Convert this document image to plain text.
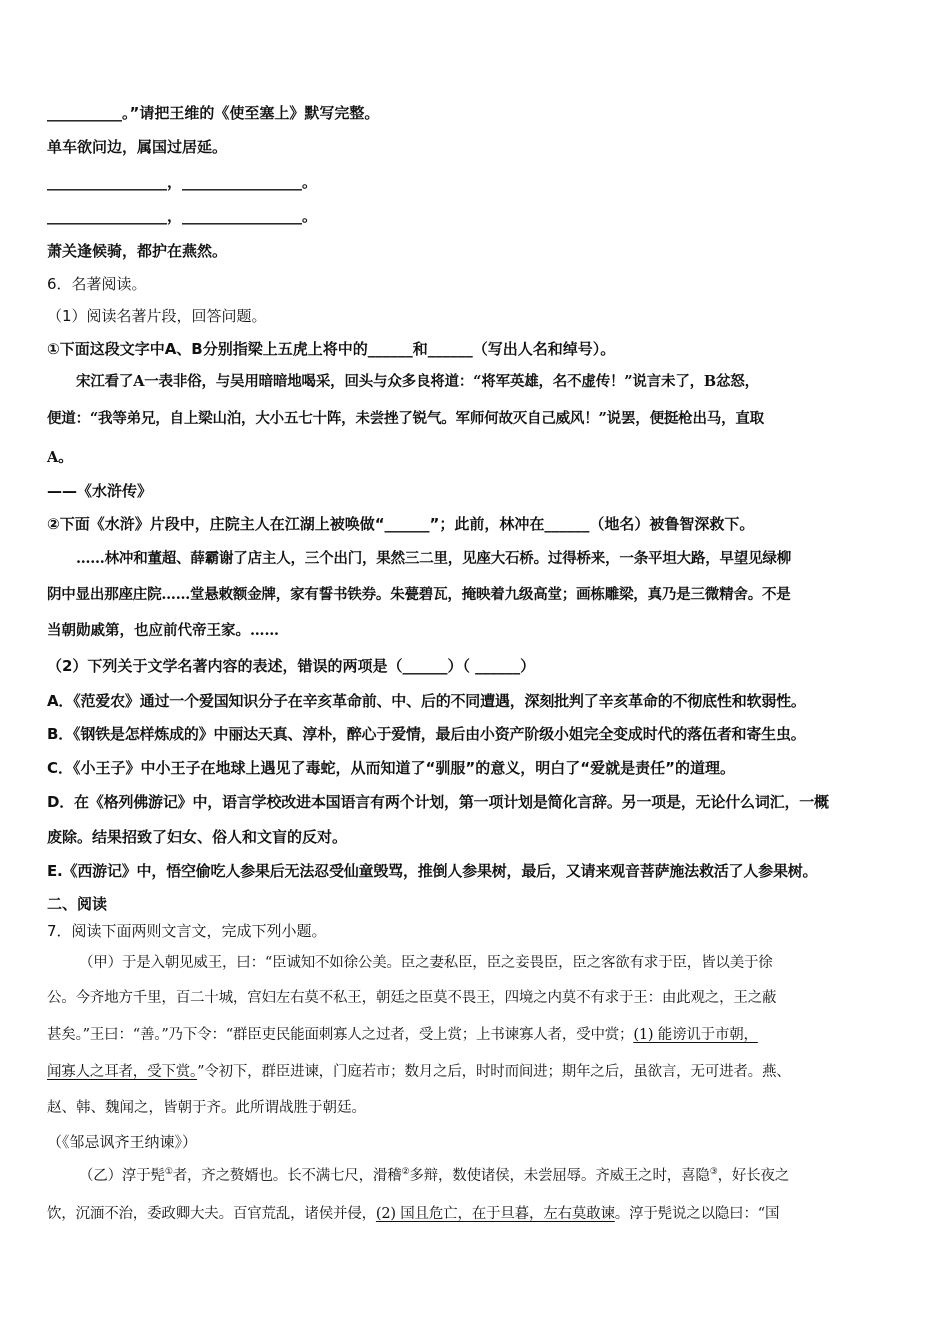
__________。”请把王维的《使至塞上》默写完整。
单车欲问边，属国过居延。
________________，________________。
________________，________________。
萧关逢候骑，都护在燕然。
6．名著阅读。
（1）阅读名著片段，回答问题。
①下面这段文字中A、B分别指梁上五虎上将中的______和______（写出人名和绰号）。
宋江看了A一表非俗，与吴用暗暗地喝采，回头与众多良将道：“将军英雄，名不虚传！”说言未了，B忿怒，
便道：“我等弟兄，自上梁山泊，大小五七十阵，未尝挫了锐气。军师何故灭自己威风！”说罢，便挺枪出马，直取
A。
——《水浒传》
②下面《水浒》片段中，庄院主人在江湖上被唤做“______”；此前，林冲在______（地名）被鲁智深救下。
……林冲和董超、薛霸谢了店主人，三个出门，果然三二里，见座大石桥。过得桥来，一条平坦大路，早望见绿柳
阴中显出那座庄院……堂悬敕额金牌，家有誓书铁券。朱甍碧瓦，掩映着九级高堂；画栋雕梁，真乃是三微精舍。不是
当朝勋戚第，也应前代帝王家。……
（2）下列关于文学名著内容的表述，错误的两项是（______）（ ______）
A．《范爱农》通过一个爱国知识分子在辛亥革命前、中、后的不同遭遇，深刻批判了辛亥革命的不彻底性和软弱性。
B．《钢铁是怎样炼成的》中丽达天真、淳朴，醉心于爱情，最后由小资产阶级小姐完全变成时代的落伍者和寄生虫。
C．《小王子》中小王子在地球上遇见了毒蛇，从而知道了“驯服”的意义，明白了“爱就是责任”的道理。
D．在《格列佛游记》中，语言学校改进本国语言有两个计划，第一项计划是简化言辞。另一项是，无论什么词汇，一概
废除。结果招致了妇女、俗人和文盲的反对。
E.《西游记》中，悟空偷吃人参果后无法忍受仙童毁骂，推倒人参果树，最后，又请来观音菩萨施法救活了人参果树。
二、阅读
7．阅读下面两则文言文，完成下列小题。
（甲）于是入朝见威王，曰：“臣诚知不如徐公美。臣之妻私臣，臣之妾畏臣，臣之客欲有求于臣，皆以美于徐
公。今齐地方千里，百二十城，宫妇左右莫不私王，朝廷之臣莫不畏王，四境之内莫不有求于王：由此观之，王之蔽
甚矣。”王曰：“善。”乃下令：“群臣吏民能面刺寡人之过者，受上赏；上书谏寡人者，受中赏；(1) 能谤讥于市朝，
闻寡人之耳者，受下赏。”令初下，群臣进谏，门庭若市；数月之后，时时而间进；期年之后，虽欲言，无可进者。燕、
赵、韩、魏闻之，皆朝于齐。此所谓战胜于朝廷。
（《邹忌讽齐王纳谏》）
（乙）淳于髡①者，齐之赘婿也。长不满七尺，滑稽②多辩，数使诸侯，未尝屈辱。齐威王之时，喜隐③，好长夜之
饮，沉湎不治，委政卿大夫。百官荒乱，诸侯并侵，(2) 国且危亡，在于旦暮，左右莫敢谏。淳于髡说之以隐曰：“国
